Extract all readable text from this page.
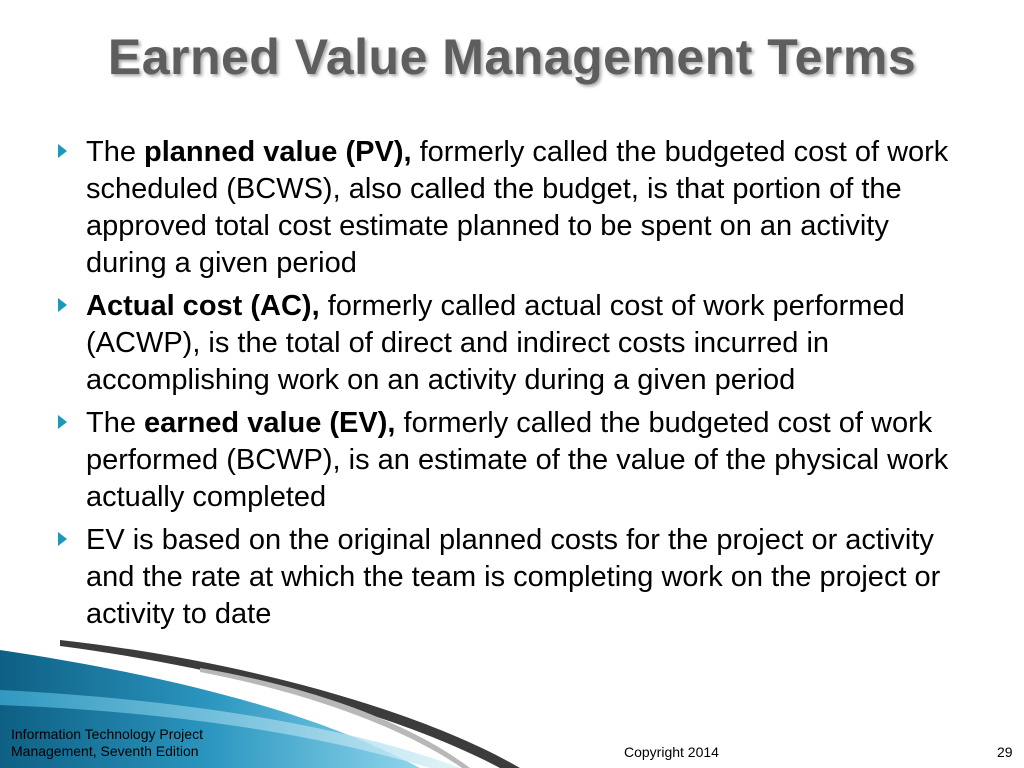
Earned Value Management Terms

The planned value (PV), formerly called the budgeted cost of work scheduled (BCWS), also called the budget, is that portion of the approved total cost estimate planned to be spent on an activity during a given period

Actual cost (AC), formerly called actual cost of work performed (ACWP), is the total of direct and indirect costs incurred in accomplishing work on an activity during a given period

The earned value (EV), formerly called the budgeted cost of work performed (BCWP), is an estimate of the value of the physical work actually completed

EV is based on the original planned costs for the project or activity and the rate at which the team is completing work on the project or activity to date

Information Technology Project
Management, Seventh Edition	Copyright 2014	29
